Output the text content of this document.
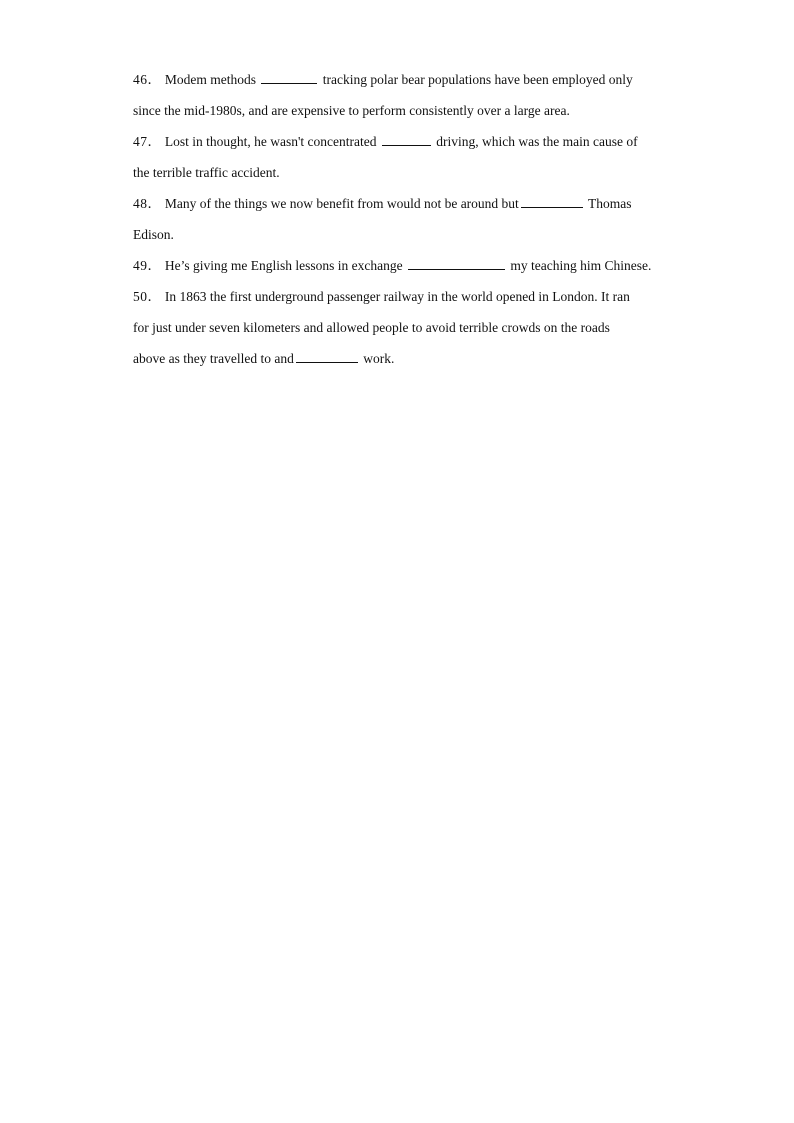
46． Modem methods	tracking polar bear populations have been employed only
since the mid-1980s, and are expensive to perform consistently over a large area.
47． Lost in thought, he wasn't concentrated	driving, which was the main cause of
the terrible traffic accident.
48． Many of the things we now benefit from would not be around but	Thomas
Edison.
49． He’s giving me English lessons in exchange	my teaching him Chinese.
50． In 1863 the first underground passenger railway in the world opened in London. It ran
for just under seven kilometers and allowed people to avoid terrible crowds on the roads
above as they travelled to and	work.
